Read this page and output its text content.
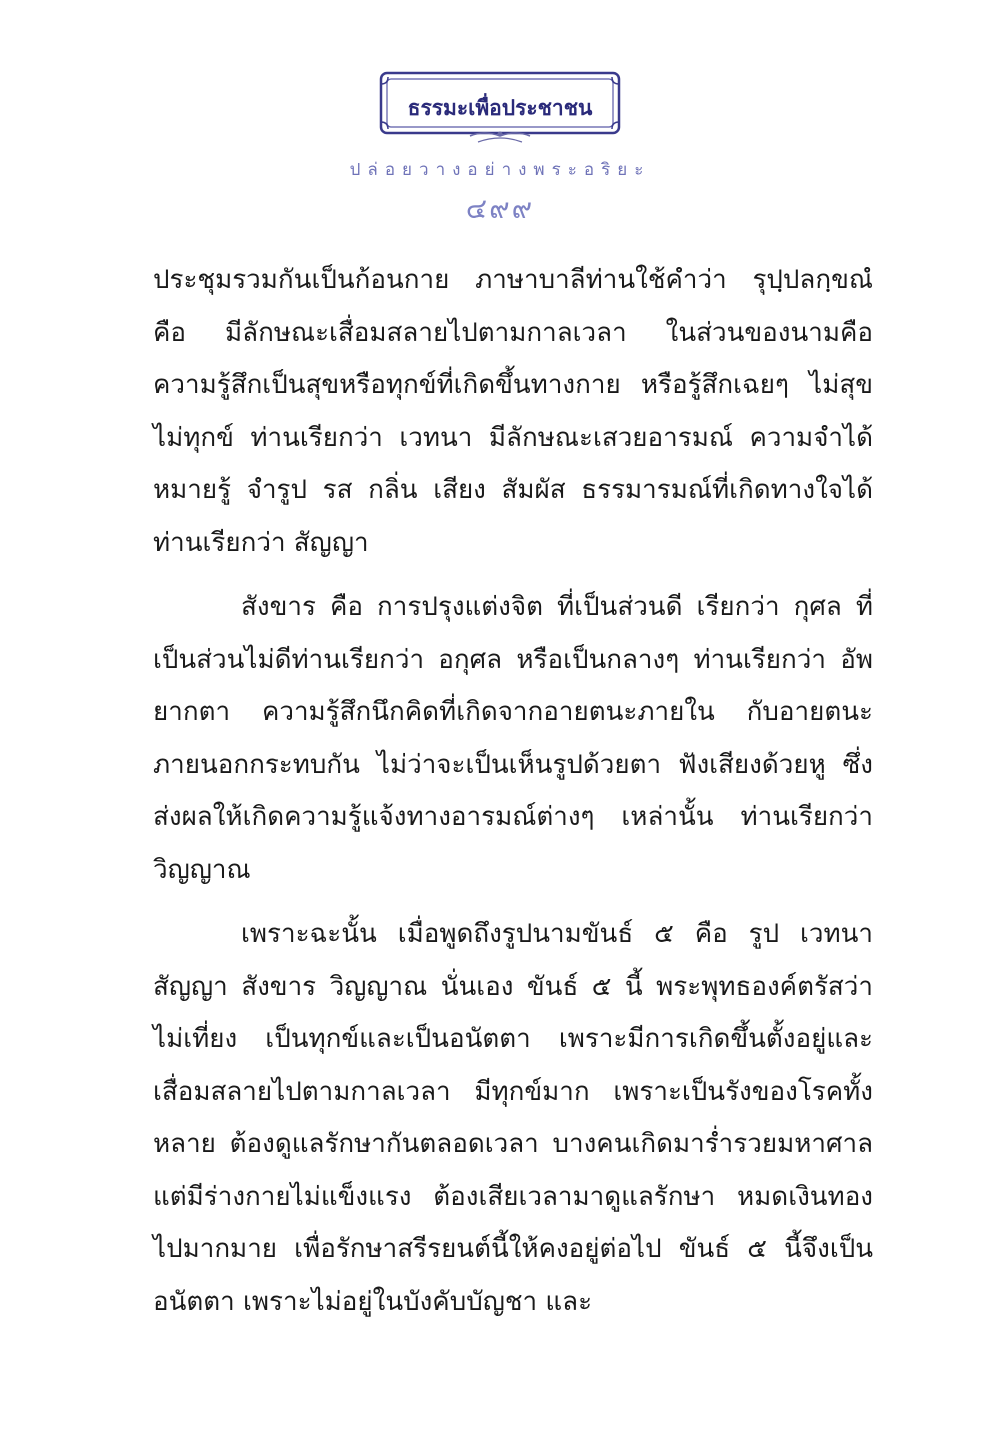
ธรรมะเพื่อประชาชน
ปล่อยวางอย่างพระอริยะ
๔๙๙

ประชุมรวมกันเป็นก้อนกาย ภาษาบาลีท่านใช้คำว่า รุปฺปลกฺขณํ คือ มีลักษณะเสื่อมสลายไปตามกาลเวลา ในส่วนของนามคือ ความรู้สึกเป็นสุขหรือทุกข์ที่เกิดขึ้นทางกาย หรือรู้สึกเฉยๆ ไม่สุขไม่ทุกข์ ท่านเรียกว่า เวทนา มีลักษณะเสวยอารมณ์ ความจำได้หมายรู้ จำรูป รส กลิ่น เสียง สัมผัส ธรรมารมณ์ที่เกิดทางใจได้ ท่านเรียกว่า สัญญา

สังขาร คือ การปรุงแต่งจิต ที่เป็นส่วนดี เรียกว่า กุศล ที่เป็นส่วนไม่ดีท่านเรียกว่า อกุศล หรือเป็นกลางๆ ท่านเรียกว่า อัพยากตา ความรู้สึกนึกคิดที่เกิดจากอายตนะภายใน กับอายตนะภายนอกกระทบกัน ไม่ว่าจะเป็นเห็นรูปด้วยตา ฟังเสียงด้วยหู ซึ่งส่งผลให้เกิดความรู้แจ้งทางอารมณ์ต่างๆ เหล่านั้น ท่านเรียกว่า วิญญาณ

เพราะฉะนั้น เมื่อพูดถึงรูปนามขันธ์ ๕ คือ รูป เวทนา สัญญา สังขาร วิญญาณ นั่นเอง ขันธ์ ๕ นี้ พระพุทธองค์ตรัสว่า ไม่เที่ยง เป็นทุกข์และเป็นอนัตตา เพราะมีการเกิดขึ้นตั้งอยู่และเสื่อมสลายไปตามกาลเวลา มีทุกข์มาก เพราะเป็นรังของโรคทั้งหลาย ต้องดูแลรักษากันตลอดเวลา บางคนเกิดมาร่ำรวยมหาศาล แต่มีร่างกายไม่แข็งแรง ต้องเสียเวลามาดูแลรักษา หมดเงินทองไปมากมาย เพื่อรักษาสรีรยนต์นี้ให้คงอยู่ต่อไป ขันธ์ ๕ นี้จึงเป็นอนัตตา เพราะไม่อยู่ในบังคับบัญชา และ
